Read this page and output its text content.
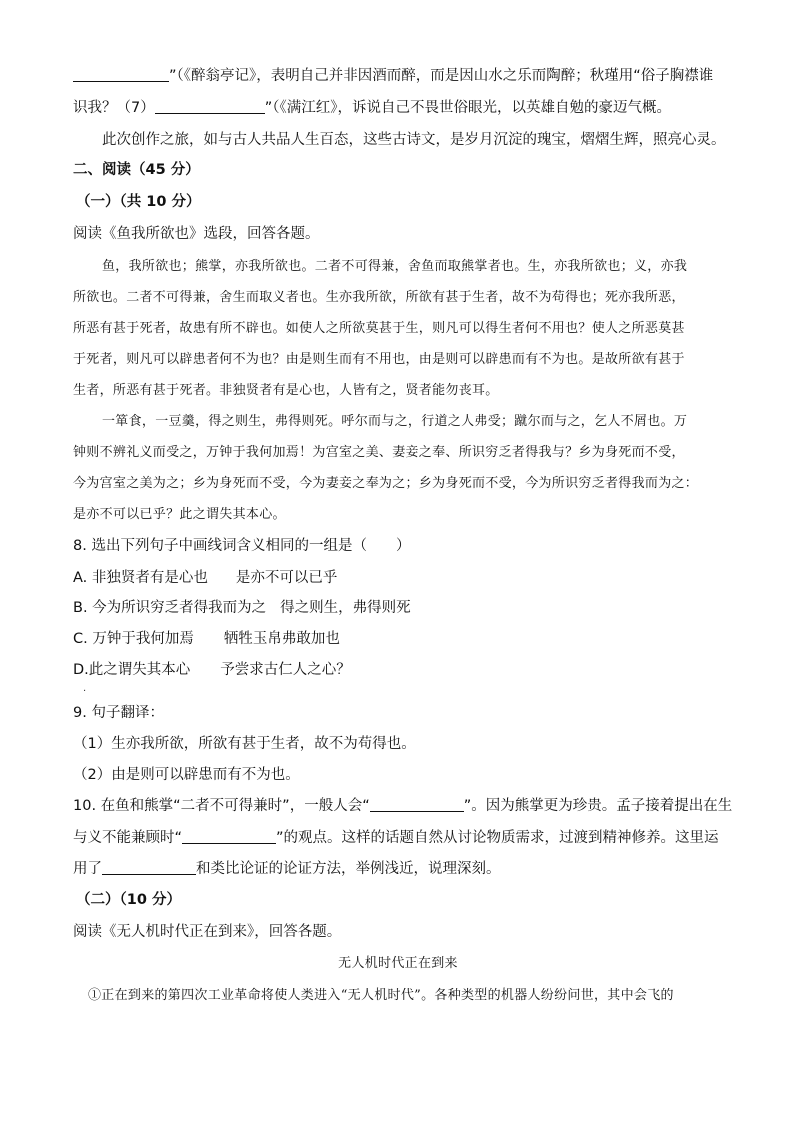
”（《醉翁亭记》，表明自己并非因酒而醉，而是因山水之乐而陶醉；秋瑾用“俗子胸襟谁
识我？（7）	”（《满江红》，诉说自己不畏世俗眼光，以英雄自勉的豪迈气概。
此次创作之旅，如与古人共品人生百态，这些古诗文，是岁月沉淀的瑰宝，熠熠生辉，照亮心灵。
二、阅读（45 分）
（一）（共 10 分）
阅读《鱼我所欲也》选段，回答各题。
鱼，我所欲也；熊掌，亦我所欲也。二者不可得兼，舍鱼而取熊掌者也。生，亦我所欲也；义，亦我
所欲也。二者不可得兼，舍生而取义者也。生亦我所欲，所欲有甚于生者，故不为苟得也；死亦我所恶，
所恶有甚于死者，故患有所不辟也。如使人之所欲莫甚于生，则凡可以得生者何不用也？使人之所恶莫甚
于死者，则凡可以辟患者何不为也？由是则生而有不用也，由是则可以辟患而有不为也。是故所欲有甚于
生者，所恶有甚于死者。非独贤者有是心也，人皆有之，贤者能勿丧耳。
一箪食，一豆羹，得之则生，弗得则死。呼尔而与之，行道之人弗受；蹴尔而与之，乞人不屑也。万
钟则不辨礼义而受之，万钟于我何加焉！为宫室之美、妻妾之奉、所识穷乏者得我与？乡为身死而不受，
今为宫室之美为之；乡为身死而不受，今为妻妾之奉为之；乡为身死而不受，今为所识穷乏者得我而为之：
是亦不可以已乎？此之谓失其本心。
8. 选出下列句子中画线词含义相同的一组是（　　）
A. 非独贤者有是心也 是亦不可以已乎
B. 今为所识穷乏者得我而为之 得之则生，弗得则死
C. 万钟于我何加焉 牺牲玉帛弗敢加也
D.此之谓失其本心 予尝求古仁人之心？
·
9. 句子翻译：
（1）生亦我所欲，所欲有甚于生者，故不为苟得也。
（2）由是则可以辟患而有不为也。
10. 在鱼和熊掌“二者不可得兼时”，一般人会“	”。因为熊掌更为珍贵。孟子接着提出在生
与义不能兼顾时“	”的观点。这样的话题自然从讨论物质需求，过渡到精神修养。这里运
用了	和类比论证的论证方法，举例浅近，说理深刻。
（二）（10 分）
阅读《无人机时代正在到来》，回答各题。
无人机时代正在到来
①正在到来的第四次工业革命将使人类进入“无人机时代”。各种类型的机器人纷纷问世，其中会飞的
